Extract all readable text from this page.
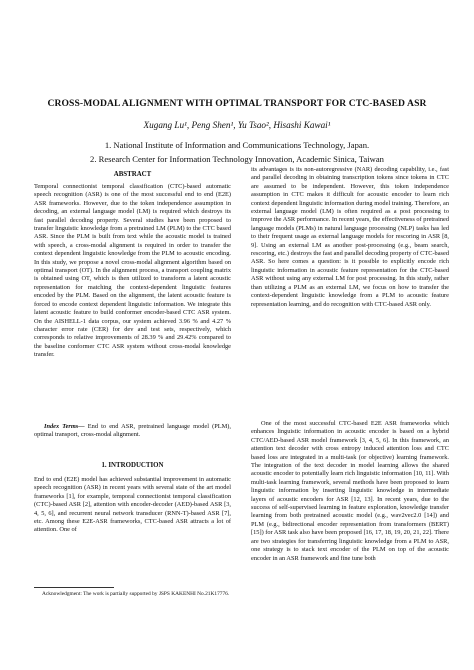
CROSS-MODAL ALIGNMENT WITH OPTIMAL TRANSPORT FOR CTC-BASED ASR
Xugang Lu¹, Peng Shen¹, Yu Tsao², Hisashi Kawai¹
1. National Institute of Information and Communications Technology, Japan.
2. Research Center for Information Technology Innovation, Academic Sinica, Taiwan
ABSTRACT
Temporal connectionist temporal classification (CTC)-based automatic speech recognition (ASR) is one of the most successful end to end (E2E) ASR frameworks. However, due to the token independence assumption in decoding, an external language model (LM) is required which destroys its fast parallel decoding property. Several studies have been proposed to transfer linguistic knowledge from a pretrained LM (PLM) to the CTC based ASR. Since the PLM is built from text while the acoustic model is trained with speech, a cross-modal alignment is required in order to transfer the context dependent linguistic knowledge from the PLM to acoustic encoding. In this study, we propose a novel cross-modal alignment algorithm based on optimal transport (OT). In the alignment process, a transport coupling matrix is obtained using OT, which is then utilized to transform a latent acoustic representation for matching the context-dependent linguistic features encoded by the PLM. Based on the alignment, the latent acoustic feature is forced to encode context dependent linguistic information. We integrate this latent acoustic feature to build conformer encoder-based CTC ASR system. On the AISHELL-1 data corpus, our system achieved 3.96 % and 4.27 % character error rate (CER) for dev and test sets, respectively, which corresponds to relative improvements of 28.39 % and 29.42% compared to the baseline conformer CTC ASR system without cross-modal knowledge transfer.
Index Terms— End to end ASR, pretrained language model (PLM), optimal transport, cross-modal alignment.
1. INTRODUCTION
End to end (E2E) model has achieved substantial improvement in automatic speech recognition (ASR) in recent years with several state of the art model frameworks [1], for example, temporal connectionist temporal classification (CTC)-based ASR [2], attention with encoder-decoder (AED)-based ASR [3, 4, 5, 6], and recurrent neural network transducer (RNN-T)-based ASR [7], etc. Among these E2E-ASR frameworks, CTC-based ASR attracts a lot of attention. One of
Acknowledgment: The work is partially supported by JSPS KAKENHI No.21K17776.
its advantages is its non-autoregressive (NAR) decoding capability, i.e., fast and parallel decoding in obtaining transcription tokens since tokens in CTC are assumed to be independent. However, this token independence assumption in CTC makes it difficult for acoustic encoder to learn rich context dependent linguistic information during model training. Therefore, an external language model (LM) is often required as a post processing to improve the ASR performance. In recent years, the effectiveness of pretrained language models (PLMs) in natural language processing (NLP) tasks has led to their frequent usage as external language models for rescoring in ASR [8, 9]. Using an external LM as another post-processing (e.g., beam search, rescoring, etc.) destroys the fast and parallel decoding property of CTC-based ASR. So here comes a question: is it possible to explicitly encode rich linguistic information in acoustic feature representation for the CTC-based ASR without using any external LM for post processing. In this study, rather than utilizing a PLM as an external LM, we focus on how to transfer the context-dependent linguistic knowledge from a PLM to acoustic feature representation learning, and do recognition with CTC-based ASR only.
One of the most successful CTC-based E2E ASR frameworks which enhances linguistic information in acoustic encoder is based on a hybrid CTC/AED-based ASR model framework [3, 4, 5, 6]. In this framework, an attention text decoder with cross entropy induced attention loss and CTC based loss are integrated in a multi-task (or objective) learning framework. The integration of the text decoder in model learning allows the shared acoustic encoder to potentially learn rich linguistic information [10, 11]. With multi-task learning framework, several methods have been proposed to learn linguistic information by inserting linguistic knowledge in intermediate layers of acoustic encoders for ASR [12, 13]. In recent years, due to the success of self-supervised learning in feature exploration, knowledge transfer learning from both pretrained acoustic model (e.g., wav2vec2.0 [14]) and PLM (e.g., bidirectional encoder representation from transformers (BERT) [15]) for ASR task also have been proposed [16, 17, 18, 19, 20, 21, 22]. There are two strategies for transferring linguistic knowledge from a PLM to ASR, one strategy is to stack text encoder of the PLM on top of the acoustic encoder in an ASR framework and fine tune both
